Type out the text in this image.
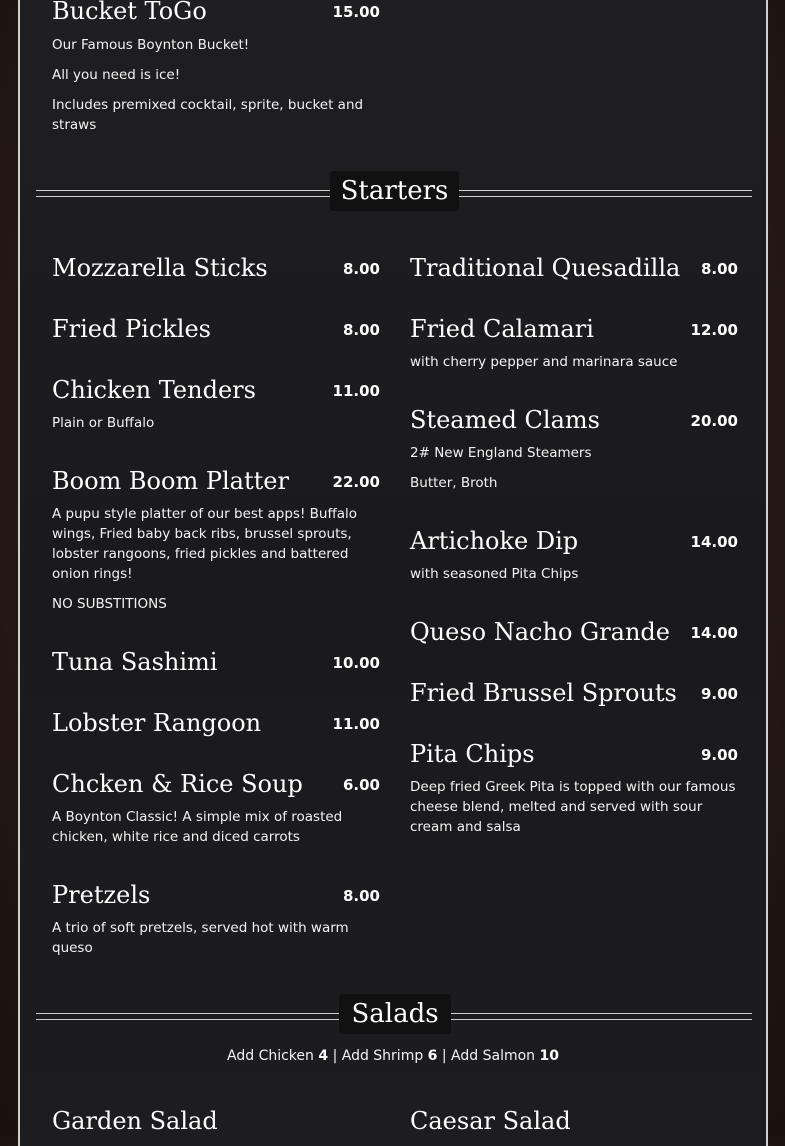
Bucket ToGo	15.00
Our Famous Boynton Bucket!
All you need is ice!
Includes premixed cocktail, sprite, bucket and straws
Starters
Mozzarella Sticks	8.00
Fried Pickles	8.00
Chicken Tenders	11.00
Plain or Buffalo
Boom Boom Platter	22.00
A pupu style platter of our best apps! Buffalo wings, Fried baby back ribs, brussel sprouts, lobster rangoons, fried pickles and battered onion rings!
NO SUBSTITIONS
Tuna Sashimi	10.00
Lobster Rangoon	11.00
Chcken & Rice Soup	6.00
A Boynton Classic! A simple mix of roasted chicken, white rice and diced carrots
Pretzels	8.00
A trio of soft pretzels, served hot with warm queso
Traditional Quesadilla	8.00
Fried Calamari	12.00
with cherry pepper and marinara sauce
Steamed Clams	20.00
2# New England Steamers
Butter, Broth
Artichoke Dip	14.00
with seasoned Pita Chips
Queso Nacho Grande	14.00
Fried Brussel Sprouts	9.00
Pita Chips	9.00
Deep fried Greek Pita is topped with our famous cheese blend, melted and served with sour cream and salsa
Salads
Add Chicken 4 | Add Shrimp 6 | Add Salmon 10
Garden Salad	Caesar Salad
